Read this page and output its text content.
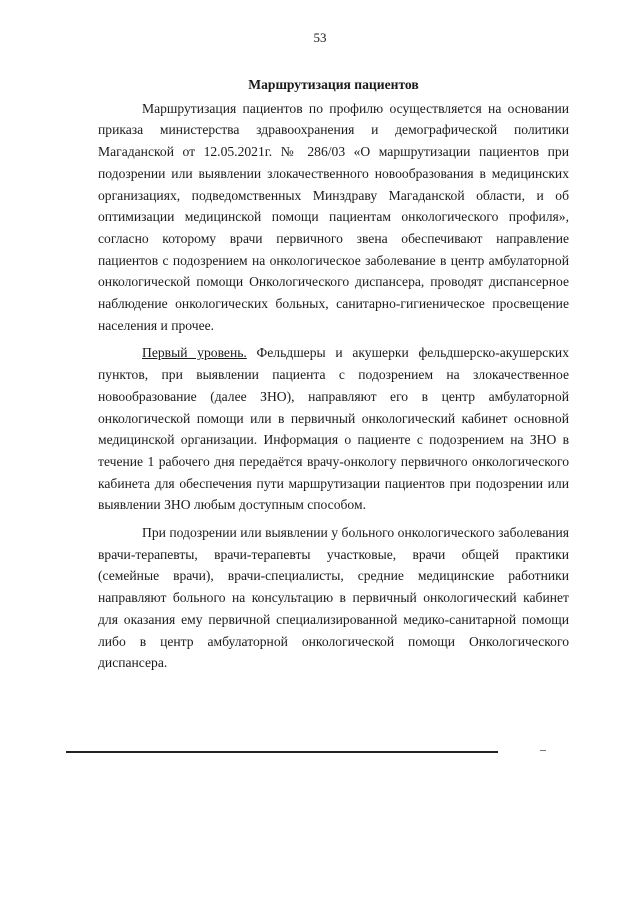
53
Маршрутизация пациентов

Маршрутизация пациентов по профилю осуществляется на основании приказа министерства здравоохранения и демографической политики Магаданской от 12.05.2021г. № 286/03 «О маршрутизации пациентов при подозрении или выявлении злокачественного новообразования в медицинских организациях, подведомственных Минздраву Магаданской области, и об оптимизации медицинской помощи пациентам онкологического профиля», согласно которому врачи первичного звена обеспечивают направление пациентов с подозрением на онкологическое заболевание в центр амбулаторной онкологической помощи Онкологического диспансера, проводят диспансерное наблюдение онкологических больных, санитарно-гигиеническое просвещение населения и прочее.

Первый уровень. Фельдшеры и акушерки фельдшерско-акушерских пунктов, при выявлении пациента с подозрением на злокачественное новообразование (далее ЗНО), направляют его в центр амбулаторной онкологической помощи или в первичный онкологический кабинет основной медицинской организации. Информация о пациенте с подозрением на ЗНО в течение 1 рабочего дня передаётся врачу-онкологу первичного онкологического кабинета для обеспечения пути маршрутизации пациентов при подозрении или выявлении ЗНО любым доступным способом.

При подозрении или выявлении у больного онкологического заболевания врачи-терапевты, врачи-терапевты участковые, врачи общей практики (семейные врачи), врачи-специалисты, средние медицинские работники направляют больного на консультацию в первичный онкологический кабинет для оказания ему первичной специализированной медико-санитарной помощи либо в центр амбулаторной онкологической помощи Онкологического диспансера.
